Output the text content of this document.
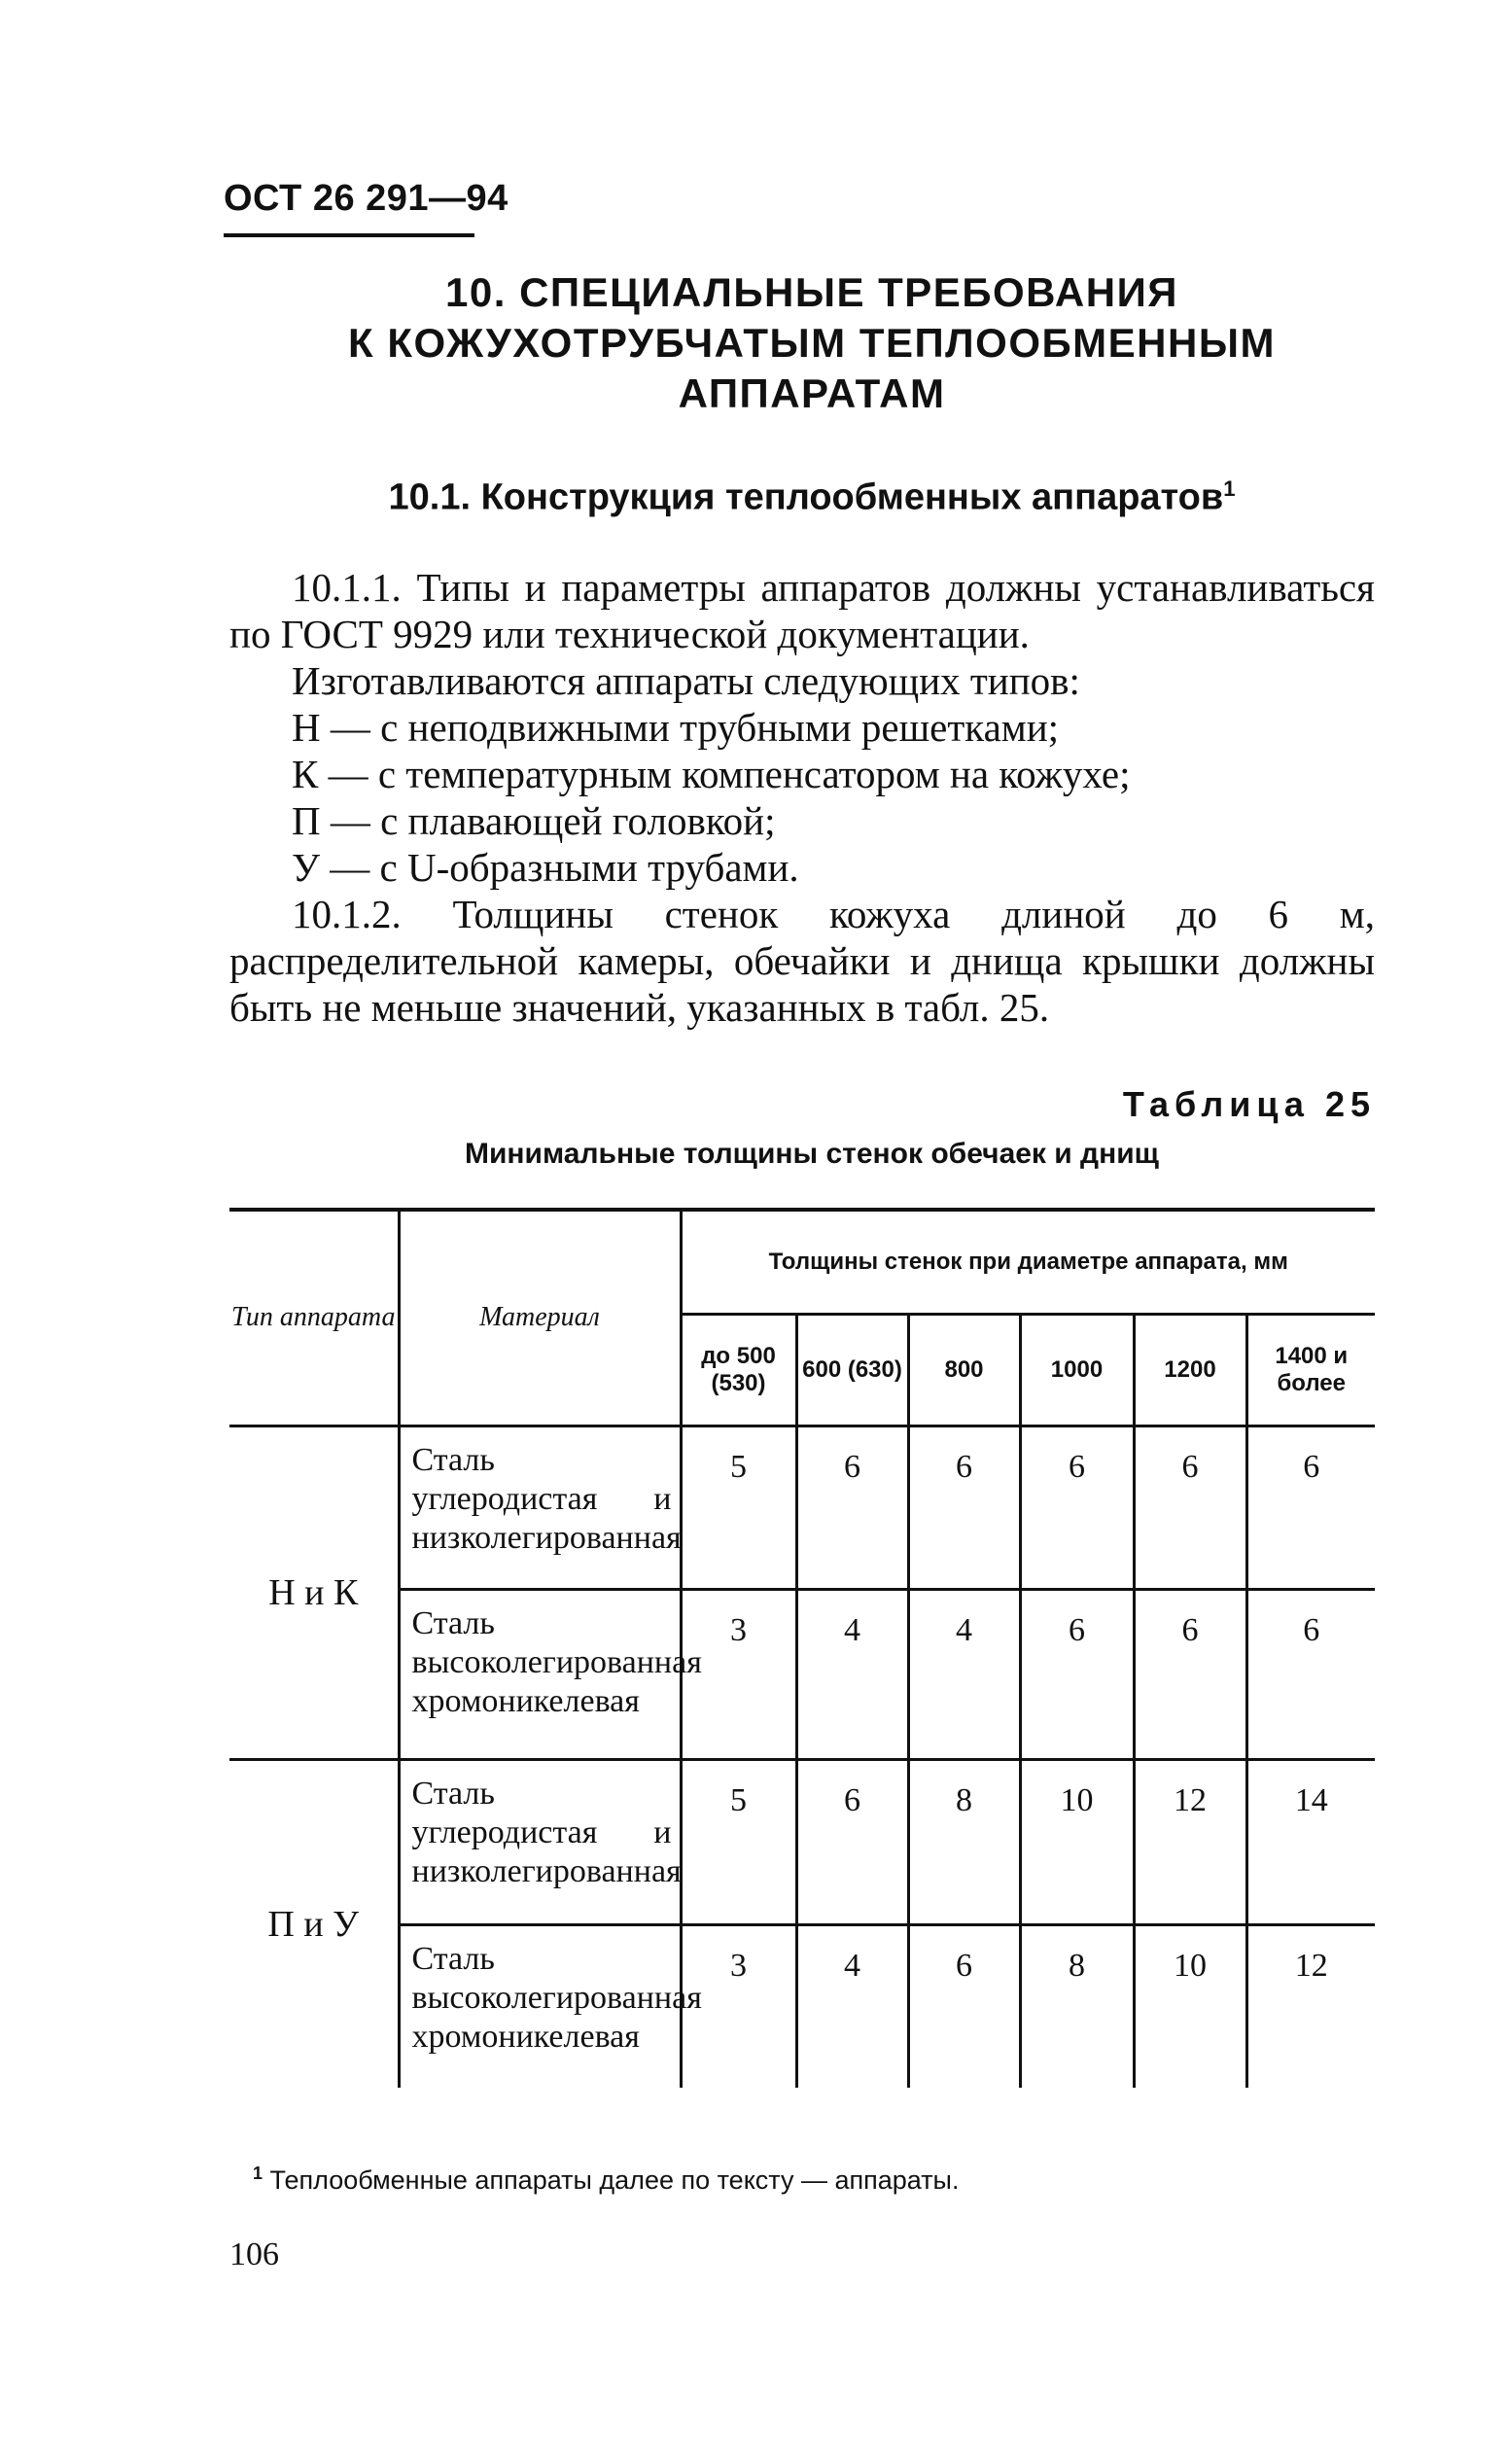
ОСТ 26 291—94
10. СПЕЦИАЛЬНЫЕ ТРЕБОВАНИЯ
К КОЖУХОТРУБЧАТЫМ ТЕПЛООБМЕННЫМ
АППАРАТАМ
10.1. Конструкция теплообменных аппаратов$^1$

10.1.1. Типы и параметры аппаратов должны устанавливаться по ГОСТ 9929 или технической документации.

Изготавливаются аппараты следующих типов:

Н — с неподвижными трубными решетками;

К — с температурным компенсатором на кожухе;

П — с плавающей головкой;

У — с U-образными трубами.

10.1.2. Толщины стенок кожуха длиной до 6 м, распределительной камеры, обечайки и днища крышки должны быть не меньше значений, указанных в табл. 25.

Таблица 25
Минимальные толщины стенок обечаек и днищ
Тип аппарата	Материал	Толщины стенок при диаметре аппарата, мм					
		до 500 (530)	600 (630)	800	1000	1200	1400 и более
Н и К	Сталь углеродистая и низколегированная	5	6	6	6	6	6
	Сталь высоколегированная хромоникелевая	3	4	4	6	6	6
П и У	Сталь углеродистая и низколегированная	5	6	8	10	12	14
	Сталь высоколегированная хромоникелевая	3	4	6	8	10	12
$^1$ Теплообменные аппараты далее по тексту — аппараты.
106
